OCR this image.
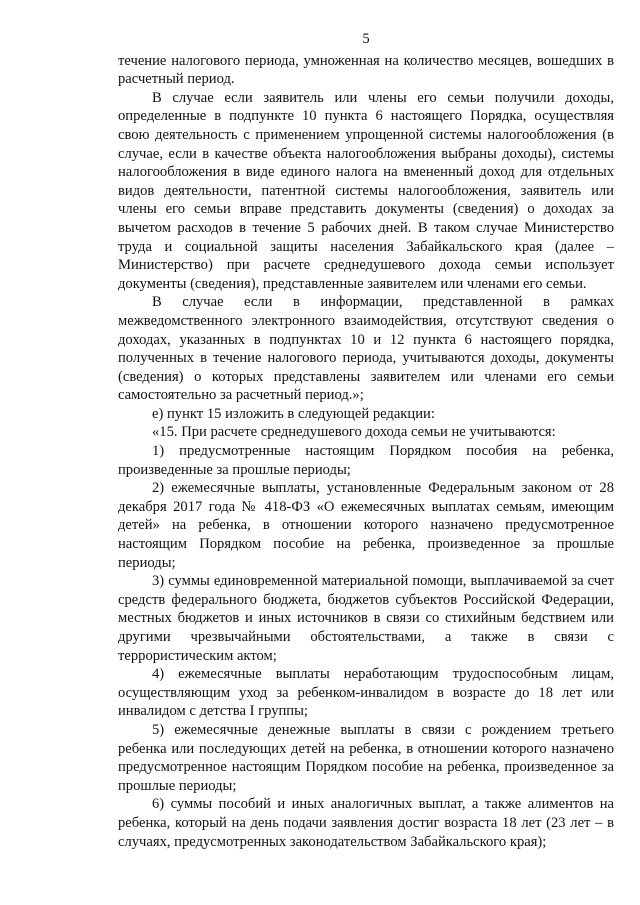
5

течение налогового периода, умноженная на количество месяцев, вошедших в расчетный период.

В случае если заявитель или члены его семьи получили доходы, определенные в подпункте 10 пункта 6 настоящего Порядка, осуществляя свою деятельность с применением упрощенной системы налогообложения (в случае, если в качестве объекта налогообложения выбраны доходы), системы налогообложения в виде единого налога на вмененный доход для отдельных видов деятельности, патентной системы налогообложения, заявитель или члены его семьи вправе представить документы (сведения) о доходах за вычетом расходов в течение 5 рабочих дней. В таком случае Министерство труда и социальной защиты населения Забайкальского края (далее – Министерство) при расчете среднедушевого дохода семьи использует документы (сведения), представленные заявителем или членами его семьи.

В случае если в информации, представленной в рамках межведомственного электронного взаимодействия, отсутствуют сведения о доходах, указанных в подпунктах 10 и 12 пункта 6 настоящего порядка, полученных в течение налогового периода, учитываются доходы, документы (сведения) о которых представлены заявителем или членами его семьи самостоятельно за расчетный период.»;

е) пункт 15 изложить в следующей редакции:

«15. При расчете среднедушевого дохода семьи не учитываются:

1) предусмотренные настоящим Порядком пособия на ребенка, произведенные за прошлые периоды;

2) ежемесячные выплаты, установленные Федеральным законом от 28 декабря 2017 года № 418-ФЗ «О ежемесячных выплатах семьям, имеющим детей» на ребенка, в отношении которого назначено предусмотренное настоящим Порядком пособие на ребенка, произведенное за прошлые периоды;

3) суммы единовременной материальной помощи, выплачиваемой за счет средств федерального бюджета, бюджетов субъектов Российской Федерации, местных бюджетов и иных источников в связи со стихийным бедствием или другими чрезвычайными обстоятельствами, а также в связи с террористическим актом;

4) ежемесячные выплаты неработающим трудоспособным лицам, осуществляющим уход за ребенком-инвалидом в возрасте до 18 лет или инвалидом с детства I группы;

5) ежемесячные денежные выплаты в связи с рождением третьего ребенка или последующих детей на ребенка, в отношении которого назначено предусмотренное настоящим Порядком пособие на ребенка, произведенное за прошлые периоды;

6) суммы пособий и иных аналогичных выплат, а также алиментов на ребенка, который на день подачи заявления достиг возраста 18 лет (23 лет – в случаях, предусмотренных законодательством Забайкальского края);
